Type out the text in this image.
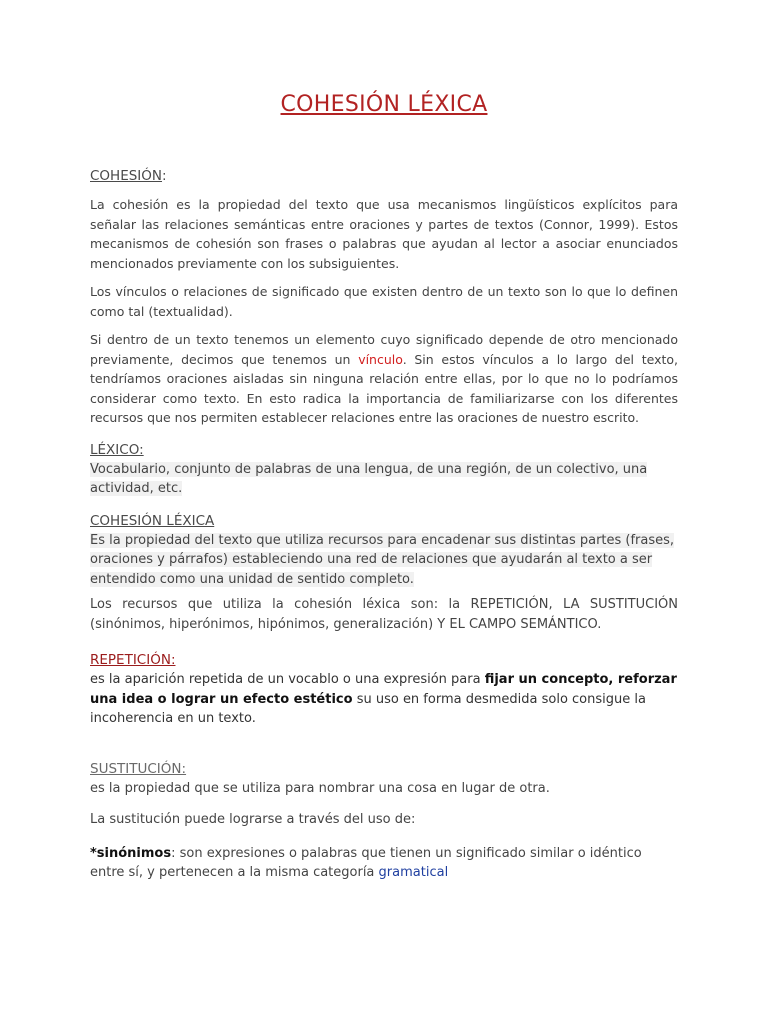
COHESIÓN LÉXICA

COHESIÓN:

La cohesión es la propiedad del texto que usa mecanismos lingüísticos explícitos para señalar las relaciones semánticas entre oraciones y partes de textos (Connor, 1999). Estos mecanismos de cohesión son frases o palabras que ayudan al lector a asociar enunciados mencionados previamente con los subsiguientes.

Los vínculos o relaciones de significado que existen dentro de un texto son lo que lo definen como tal (textualidad).

Si dentro de un texto tenemos un elemento cuyo significado depende de otro mencionado previamente, decimos que tenemos un vínculo. Sin estos vínculos a lo largo del texto, tendríamos oraciones aisladas sin ninguna relación entre ellas, por lo que no lo podríamos considerar como texto. En esto radica la importancia de familiarizarse con los diferentes recursos que nos permiten establecer relaciones entre las oraciones de nuestro escrito.

LÉXICO:

Vocabulario, conjunto de palabras de una lengua, de una región, de un colectivo, una
actividad, etc.

COHESIÓN LÉXICA

Es la propiedad del texto que utiliza recursos para encadenar sus distintas partes (frases,
oraciones y párrafos) estableciendo una red de relaciones que ayudarán al texto a ser
entendido como una unidad de sentido completo.

Los recursos que utiliza la cohesión léxica son: la REPETICIÓN, LA SUSTITUCIÓN (sinónimos, hiperónimos, hipónimos, generalización) Y EL CAMPO SEMÁNTICO.

REPETICIÓN:

es la aparición repetida de un vocablo o una expresión para fijar un concepto, reforzar una idea o lograr un efecto estético su uso en forma desmedida solo consigue la incoherencia en un texto.

SUSTITUCIÓN:

es la propiedad que se utiliza para nombrar una cosa en lugar de otra.

La sustitución puede lograrse a través del uso de:

*sinónimos: son expresiones o palabras que tienen un significado similar o idéntico entre sí, y pertenecen a la misma categoría gramatical
